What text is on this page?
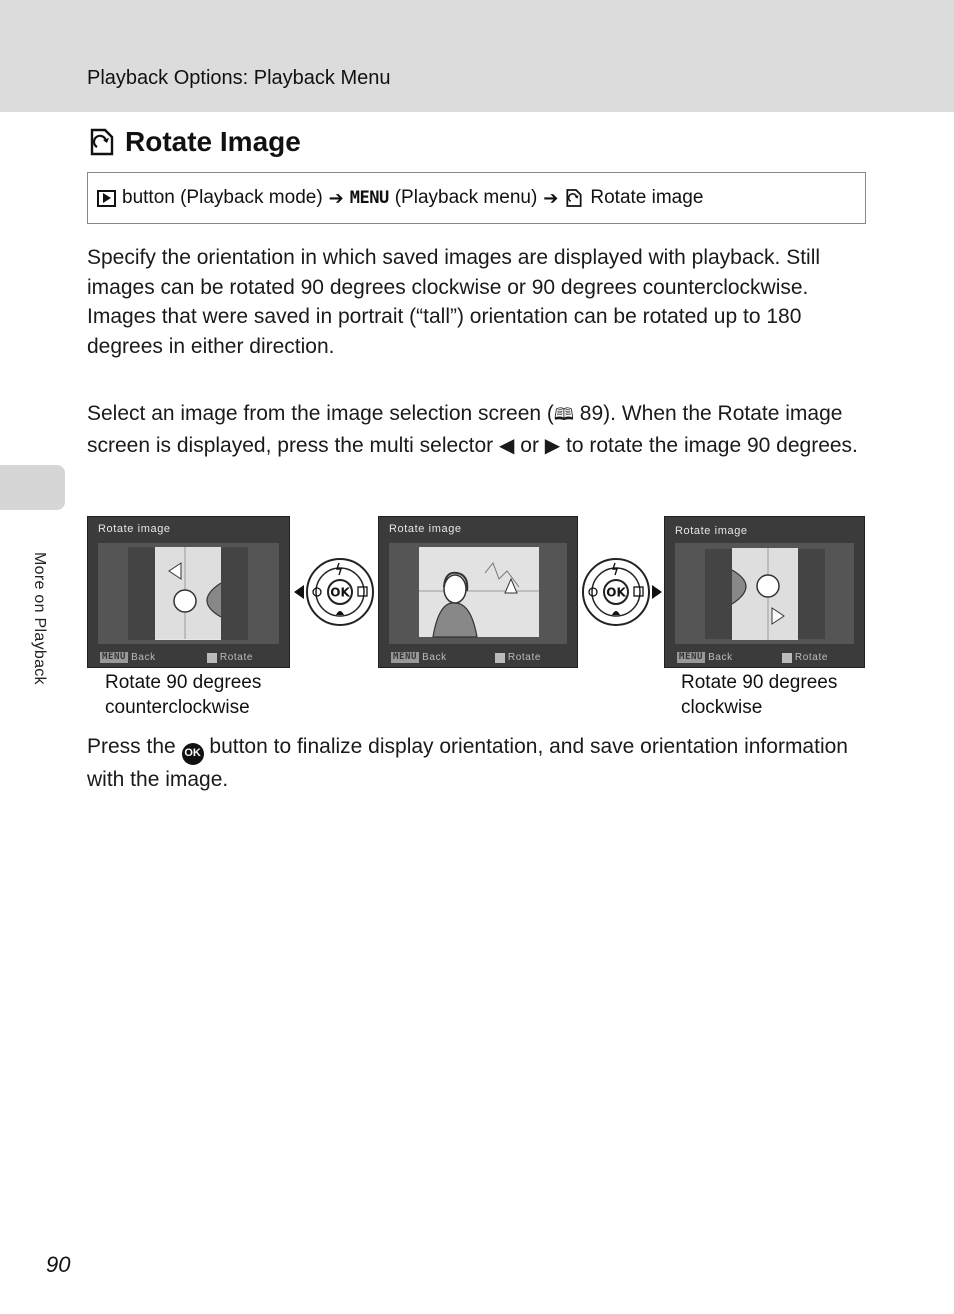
Playback Options: Playback Menu
More on Playback
Rotate Image
button (Playback mode) ➔ MENU (Playback menu) ➔ Rotate image

Specify the orientation in which saved images are displayed with playback. Still images can be rotated 90 degrees clockwise or 90 degrees counterclockwise. Images that were saved in portrait (“tall”) orientation can be rotated up to 180 degrees in either direction.

Select an image from the image selection screen (🕮 89). When the Rotate image screen is displayed, press the multi selector ◀ or ▶ to rotate the image 90 degrees.

Rotate image
MENU Back	Rotate
OK
Rotate image
MENU Back	Rotate
OK
Rotate image
MENU Back	Rotate
Rotate 90 degrees
counterclockwise
Rotate 90 degrees
clockwise

Press the OK button to finalize display orientation, and save orientation information with the image.

90
